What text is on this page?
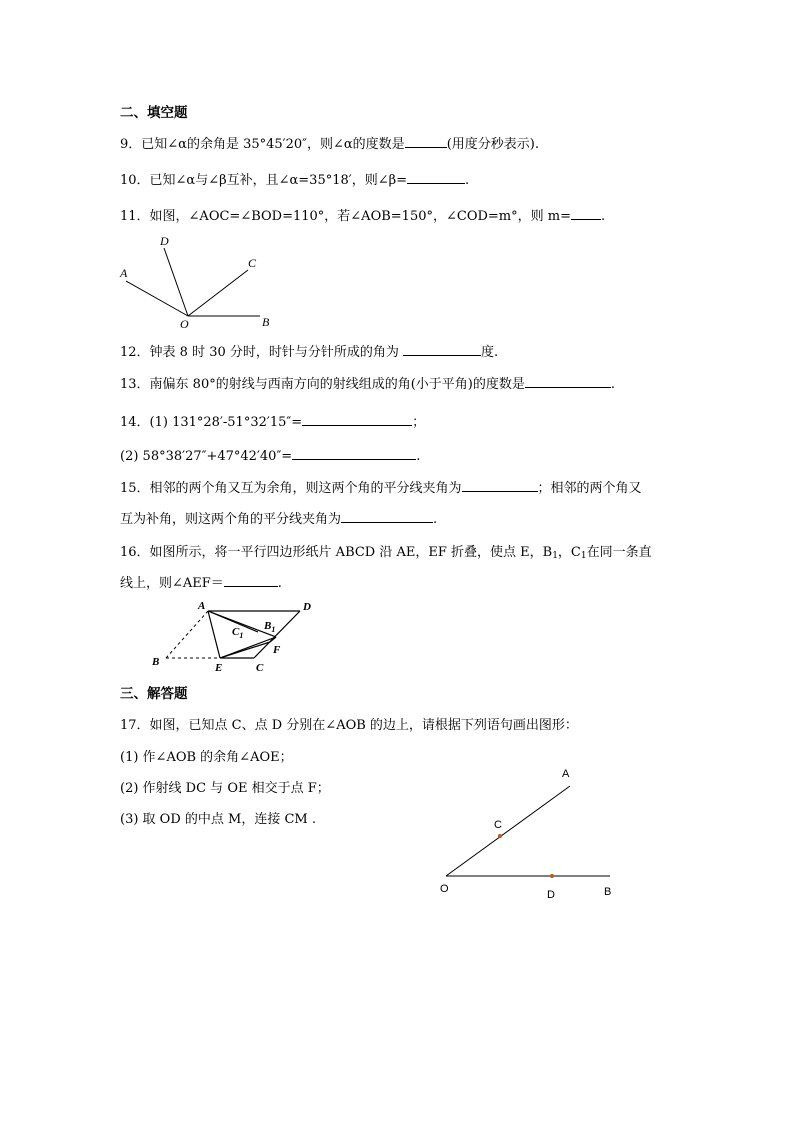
二、填空题
9．已知∠α的余角是 35°45′20″，则∠α的度数是	(用度分秒表示).
10．已知∠α与∠β互补，且∠α=35°18′，则∠β=	.
11．如图，∠AOC=∠BOD=110°，若∠AOB=150°，∠COD=m°，则 m= .
A
D
C
B
O
12．钟表 8 时 30 分时，时针与分针所成的角为	度.
13．南偏东 80°的射线与西南方向的射线组成的角(小于平角)的度数是	.
14．(1) 131°28′-51°32′15″=	；
(2) 58°38′27″+47°42′40″=	.
15．相邻的两个角又互为余角，则这两个角的平分线夹角为	；相邻的两个角又
互为补角，则这两个角的平分线夹角为	.
16．如图所示，将一平行四边形纸片 ABCD 沿 AE，EF 折叠，使点 E，$B_1$，$C_1$在同一条直
线上，则∠AEF＝	.
A	D
B	E	C
F
$C_1$
$B_1$
三、解答题
17．如图，已知点 C、点 D 分别在∠AOB 的边上，请根据下列语句画出图形：
(1) 作∠AOB 的余角∠AOE；
(2) 作射线 DC 与 OE 相交于点 F；
(3) 取 OD 的中点 M，连接 CM .
A
C
O	D	B
